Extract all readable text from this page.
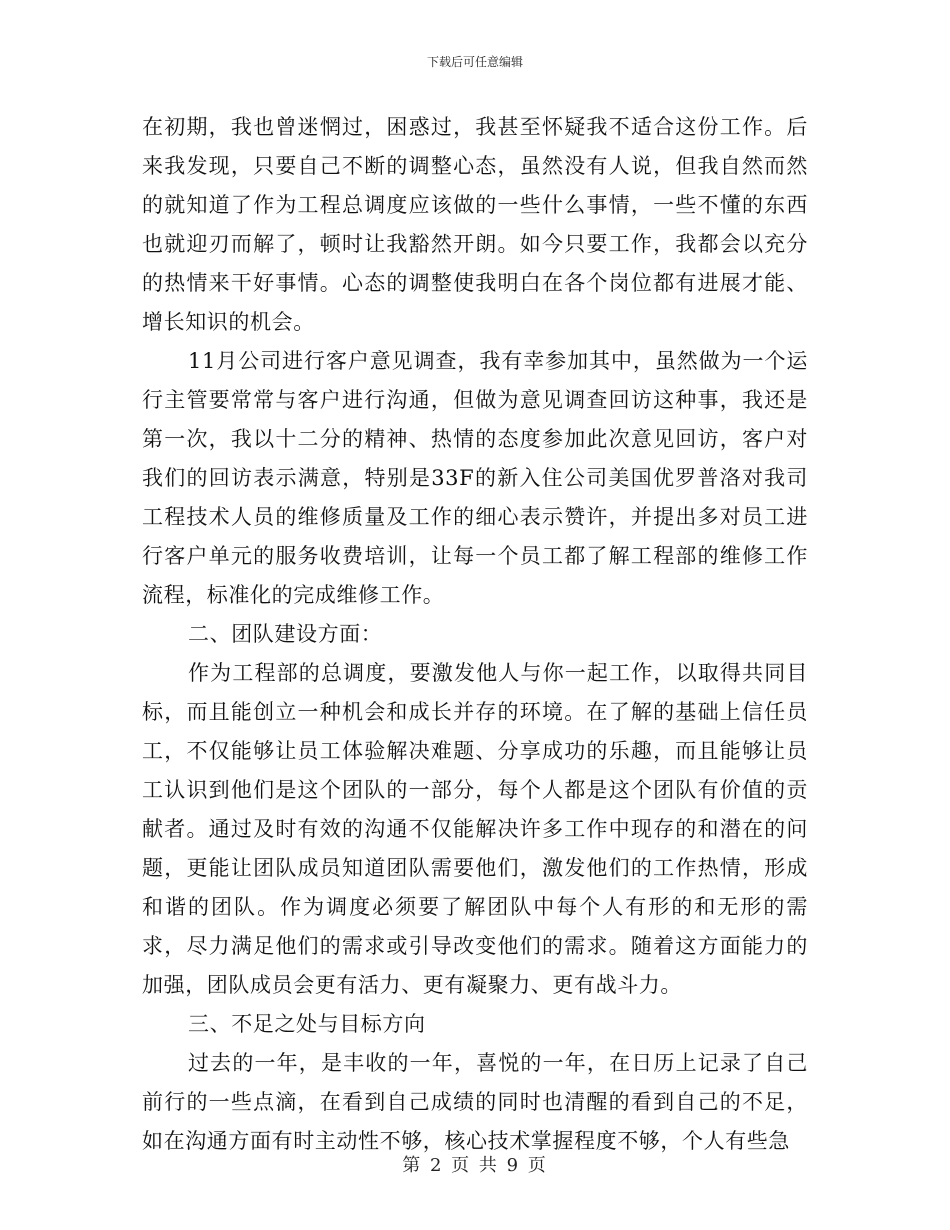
下载后可任意编辑

在初期，我也曾迷惘过，困惑过，我甚至怀疑我不适合这份工作。后来我发现，只要自己不断的调整心态，虽然没有人说，但我自然而然的就知道了作为工程总调度应该做的一些什么事情，一些不懂的东西也就迎刃而解了，顿时让我豁然开朗。如今只要工作，我都会以充分的热情来干好事情。心态的调整使我明白在各个岗位都有进展才能、增长知识的机会。

11月公司进行客户意见调查，我有幸参加其中，虽然做为一个运行主管要常常与客户进行沟通，但做为意见调查回访这种事，我还是第一次，我以十二分的精神、热情的态度参加此次意见回访，客户对我们的回访表示满意，特别是33F的新入住公司美国优罗普洛对我司工程技术人员的维修质量及工作的细心表示赞许，并提出多对员工进行客户单元的服务收费培训，让每一个员工都了解工程部的维修工作流程，标准化的完成维修工作。

二、团队建设方面：

作为工程部的总调度，要激发他人与你一起工作，以取得共同目标，而且能创立一种机会和成长并存的环境。在了解的基础上信任员工，不仅能够让员工体验解决难题、分享成功的乐趣，而且能够让员工认识到他们是这个团队的一部分，每个人都是这个团队有价值的贡献者。通过及时有效的沟通不仅能解决许多工作中现存的和潜在的问题，更能让团队成员知道团队需要他们，激发他们的工作热情，形成和谐的团队。作为调度必须要了解团队中每个人有形的和无形的需求，尽力满足他们的需求或引导改变他们的需求。随着这方面能力的加强，团队成员会更有活力、更有凝聚力、更有战斗力。

三、不足之处与目标方向

过去的一年，是丰收的一年，喜悦的一年，在日历上记录了自己前行的一些点滴，在看到自己成绩的同时也清醒的看到自己的不足，如在沟通方面有时主动性不够，核心技术掌握程度不够，个人有些急

第 2 页 共 9 页
